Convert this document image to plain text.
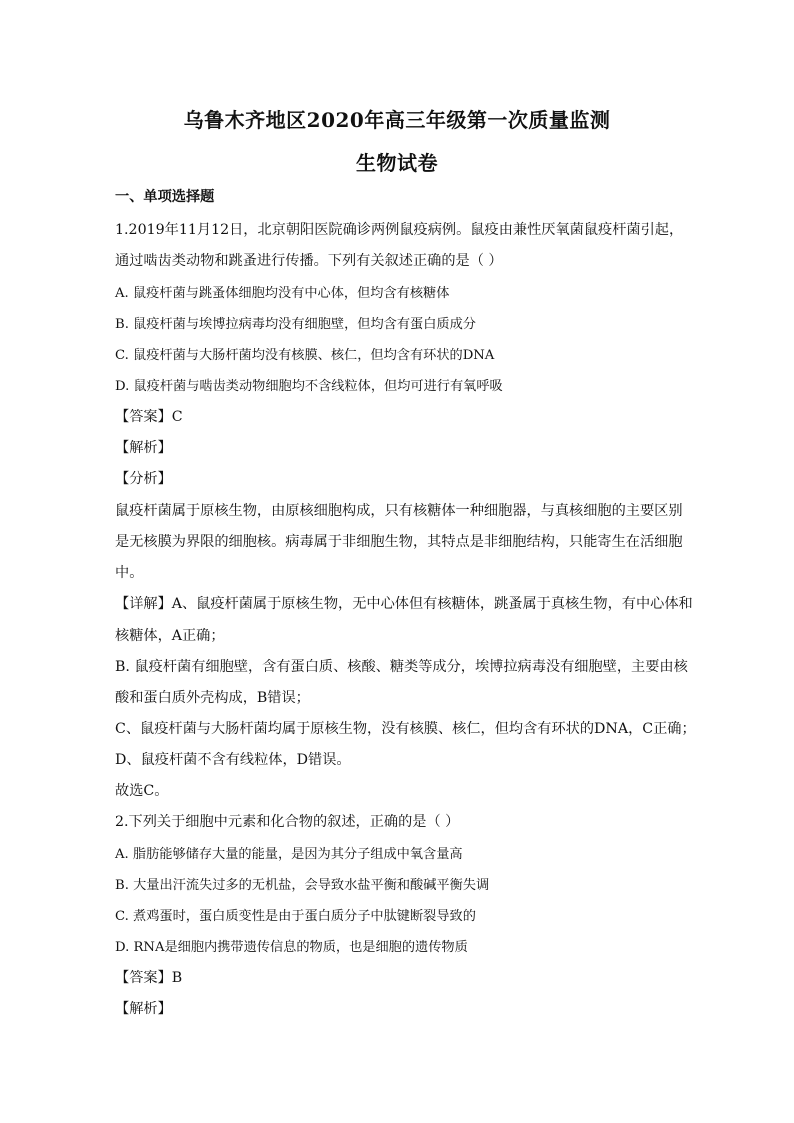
乌鲁木齐地区2020年高三年级第一次质量监测
生物试卷
一、单项选择题
1.2019年11月12日，北京朝阳医院确诊两例鼠疫病例。鼠疫由兼性厌氧菌鼠疫杆菌引起，
通过啮齿类动物和跳蚤进行传播。下列有关叙述正确的是（ ）
A. 鼠疫杆菌与跳蚤体细胞均没有中心体，但均含有核糖体
B. 鼠疫杆菌与埃博拉病毒均没有细胞壁，但均含有蛋白质成分
C. 鼠疫杆菌与大肠杆菌均没有核膜、核仁，但均含有环状的DNA
D. 鼠疫杆菌与啮齿类动物细胞均不含线粒体，但均可进行有氧呼吸
【答案】C
【解析】
【分析】
鼠疫杆菌属于原核生物，由原核细胞构成，只有核糖体一种细胞器，与真核细胞的主要区别
是无核膜为界限的细胞核。病毒属于非细胞生物，其特点是非细胞结构，只能寄生在活细胞
中。
【详解】A、鼠疫杆菌属于原核生物，无中心体但有核糖体，跳蚤属于真核生物，有中心体和
核糖体，A正确；
B. 鼠疫杆菌有细胞壁，含有蛋白质、核酸、糖类等成分，埃博拉病毒没有细胞壁，主要由核
酸和蛋白质外壳构成，B错误；
C、鼠疫杆菌与大肠杆菌均属于原核生物，没有核膜、核仁，但均含有环状的DNA，C正确；
D、鼠疫杆菌不含有线粒体，D错误。
故选C。
2.下列关于细胞中元素和化合物的叙述，正确的是（ ）
A. 脂肪能够储存大量的能量，是因为其分子组成中氧含量高
B. 大量出汗流失过多的无机盐，会导致水盐平衡和酸碱平衡失调
C. 煮鸡蛋时，蛋白质变性是由于蛋白质分子中肽键断裂导致的
D. RNA是细胞内携带遗传信息的物质，也是细胞的遗传物质
【答案】B
【解析】
